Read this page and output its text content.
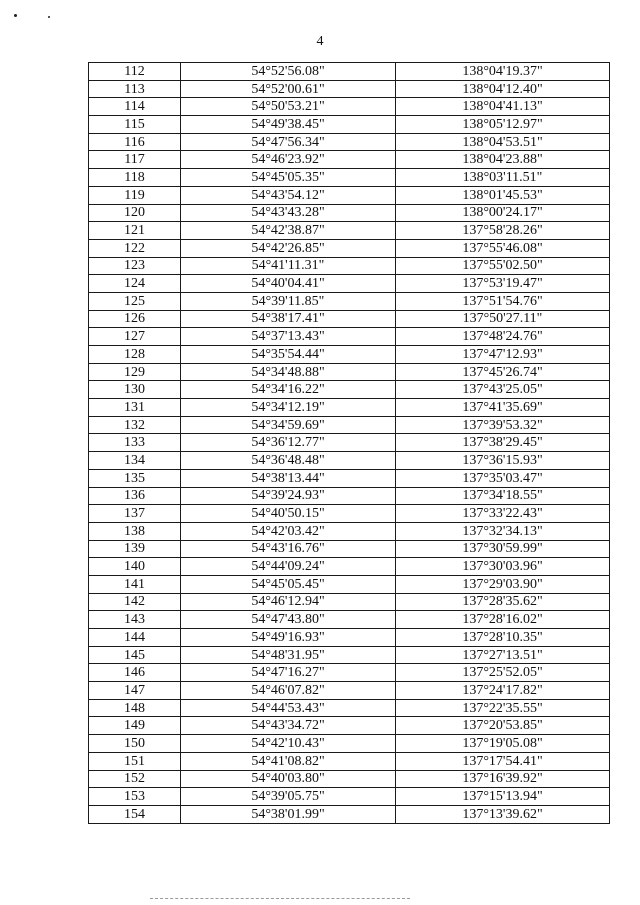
4
112	54°52'56.08"	138°04'19.37"
113	54°52'00.61"	138°04'12.40"
114	54°50'53.21"	138°04'41.13"
115	54°49'38.45"	138°05'12.97"
116	54°47'56.34"	138°04'53.51"
117	54°46'23.92"	138°04'23.88"
118	54°45'05.35"	138°03'11.51"
119	54°43'54.12"	138°01'45.53"
120	54°43'43.28"	138°00'24.17"
121	54°42'38.87"	137°58'28.26"
122	54°42'26.85"	137°55'46.08"
123	54°41'11.31"	137°55'02.50"
124	54°40'04.41"	137°53'19.47"
125	54°39'11.85"	137°51'54.76"
126	54°38'17.41"	137°50'27.11"
127	54°37'13.43"	137°48'24.76"
128	54°35'54.44"	137°47'12.93"
129	54°34'48.88"	137°45'26.74"
130	54°34'16.22"	137°43'25.05"
131	54°34'12.19"	137°41'35.69"
132	54°34'59.69"	137°39'53.32"
133	54°36'12.77"	137°38'29.45"
134	54°36'48.48"	137°36'15.93"
135	54°38'13.44"	137°35'03.47"
136	54°39'24.93"	137°34'18.55"
137	54°40'50.15"	137°33'22.43"
138	54°42'03.42"	137°32'34.13"
139	54°43'16.76"	137°30'59.99"
140	54°44'09.24"	137°30'03.96"
141	54°45'05.45"	137°29'03.90"
142	54°46'12.94"	137°28'35.62"
143	54°47'43.80"	137°28'16.02"
144	54°49'16.93"	137°28'10.35"
145	54°48'31.95"	137°27'13.51"
146	54°47'16.27"	137°25'52.05"
147	54°46'07.82"	137°24'17.82"
148	54°44'53.43"	137°22'35.55"
149	54°43'34.72"	137°20'53.85"
150	54°42'10.43"	137°19'05.08"
151	54°41'08.82"	137°17'54.41"
152	54°40'03.80"	137°16'39.92"
153	54°39'05.75"	137°15'13.94"
154	54°38'01.99"	137°13'39.62"
